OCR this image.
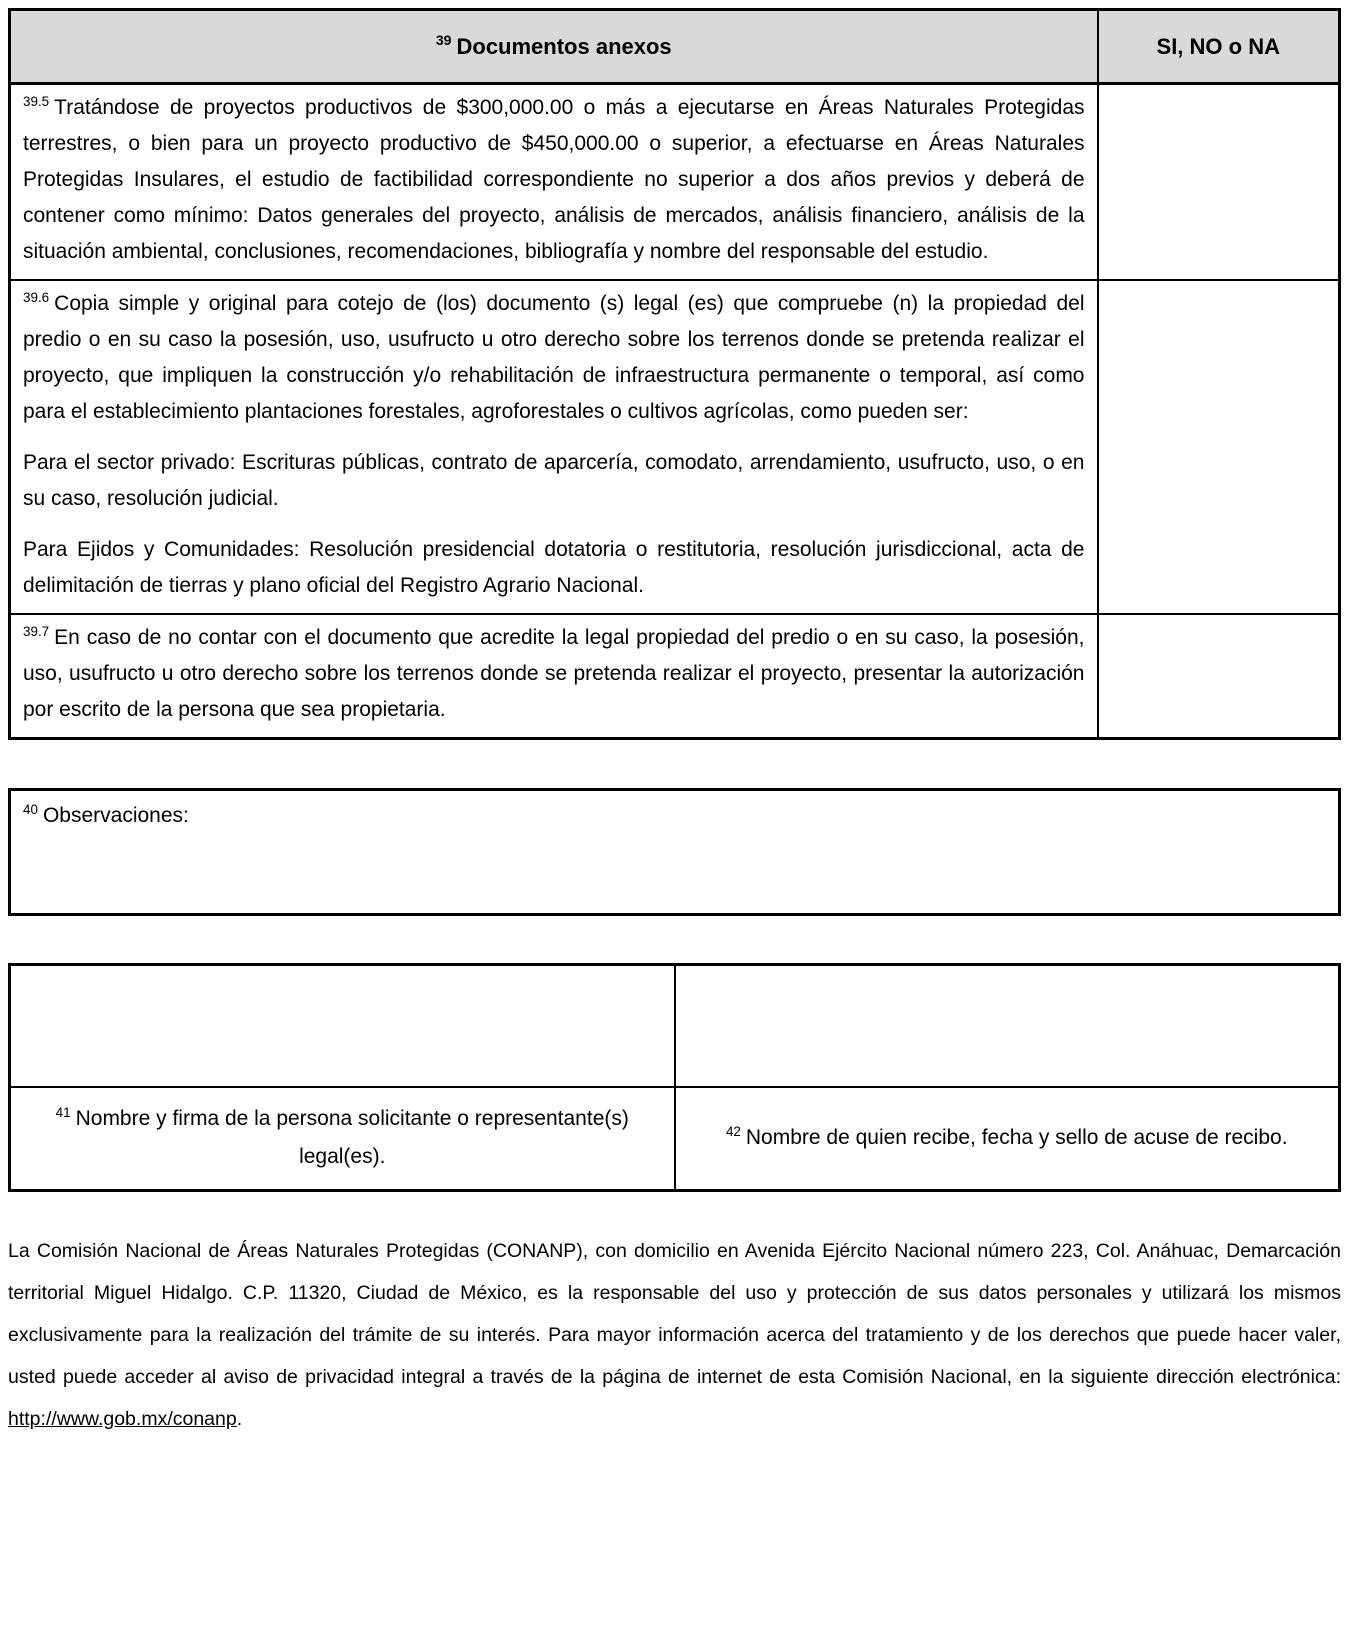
$^{39}$ Documentos anexos	SI, NO o NA

$^{39.5}$ Tratándose de proyectos productivos de $300,000.00 o más a ejecutarse en Áreas Naturales Protegidas terrestres, o bien para un proyecto productivo de $450,000.00 o superior, a efectuarse en Áreas Naturales Protegidas Insulares, el estudio de factibilidad correspondiente no superior a dos años previos y deberá de contener como mínimo: Datos generales del proyecto, análisis de mercados, análisis financiero, análisis de la situación ambiental, conclusiones, recomendaciones, bibliografía y nombre del responsable del estudio.	

$^{39.6}$ Copia simple y original para cotejo de (los) documento (s) legal (es) que compruebe (n) la propiedad del predio o en su caso la posesión, uso, usufructo u otro derecho sobre los terrenos donde se pretenda realizar el proyecto, que impliquen la construcción y/o rehabilitación de infraestructura permanente o temporal, así como para el establecimiento plantaciones forestales, agroforestales o cultivos agrícolas, como pueden ser:

Para el sector privado: Escrituras públicas, contrato de aparcería, comodato, arrendamiento, usufructo, uso, o en su caso, resolución judicial.

Para Ejidos y Comunidades: Resolución presidencial dotatoria o restitutoria, resolución jurisdiccional, acta de delimitación de tierras y plano oficial del Registro Agrario Nacional.	

$^{39.7}$ En caso de no contar con el documento que acredite la legal propiedad del predio o en su caso, la posesión, uso, usufructo u otro derecho sobre los terrenos donde se pretenda realizar el proyecto, presentar la autorización por escrito de la persona que sea propietaria.	

$^{40}$ Observaciones:

$^{41}$ Nombre y firma de la persona solicitante o representante(s) legal(es).	$^{42}$ Nombre de quien recibe, fecha y sello de acuse de recibo.

La Comisión Nacional de Áreas Naturales Protegidas (CONANP), con domicilio en Avenida Ejército Nacional número 223, Col. Anáhuac, Demarcación territorial Miguel Hidalgo. C.P. 11320, Ciudad de México, es la responsable del uso y protección de sus datos personales y utilizará los mismos exclusivamente para la realización del trámite de su interés. Para mayor información acerca del tratamiento y de los derechos que puede hacer valer, usted puede acceder al aviso de privacidad integral a través de la página de internet de esta Comisión Nacional, en la siguiente dirección electrónica: http://www.gob.mx/conanp.
